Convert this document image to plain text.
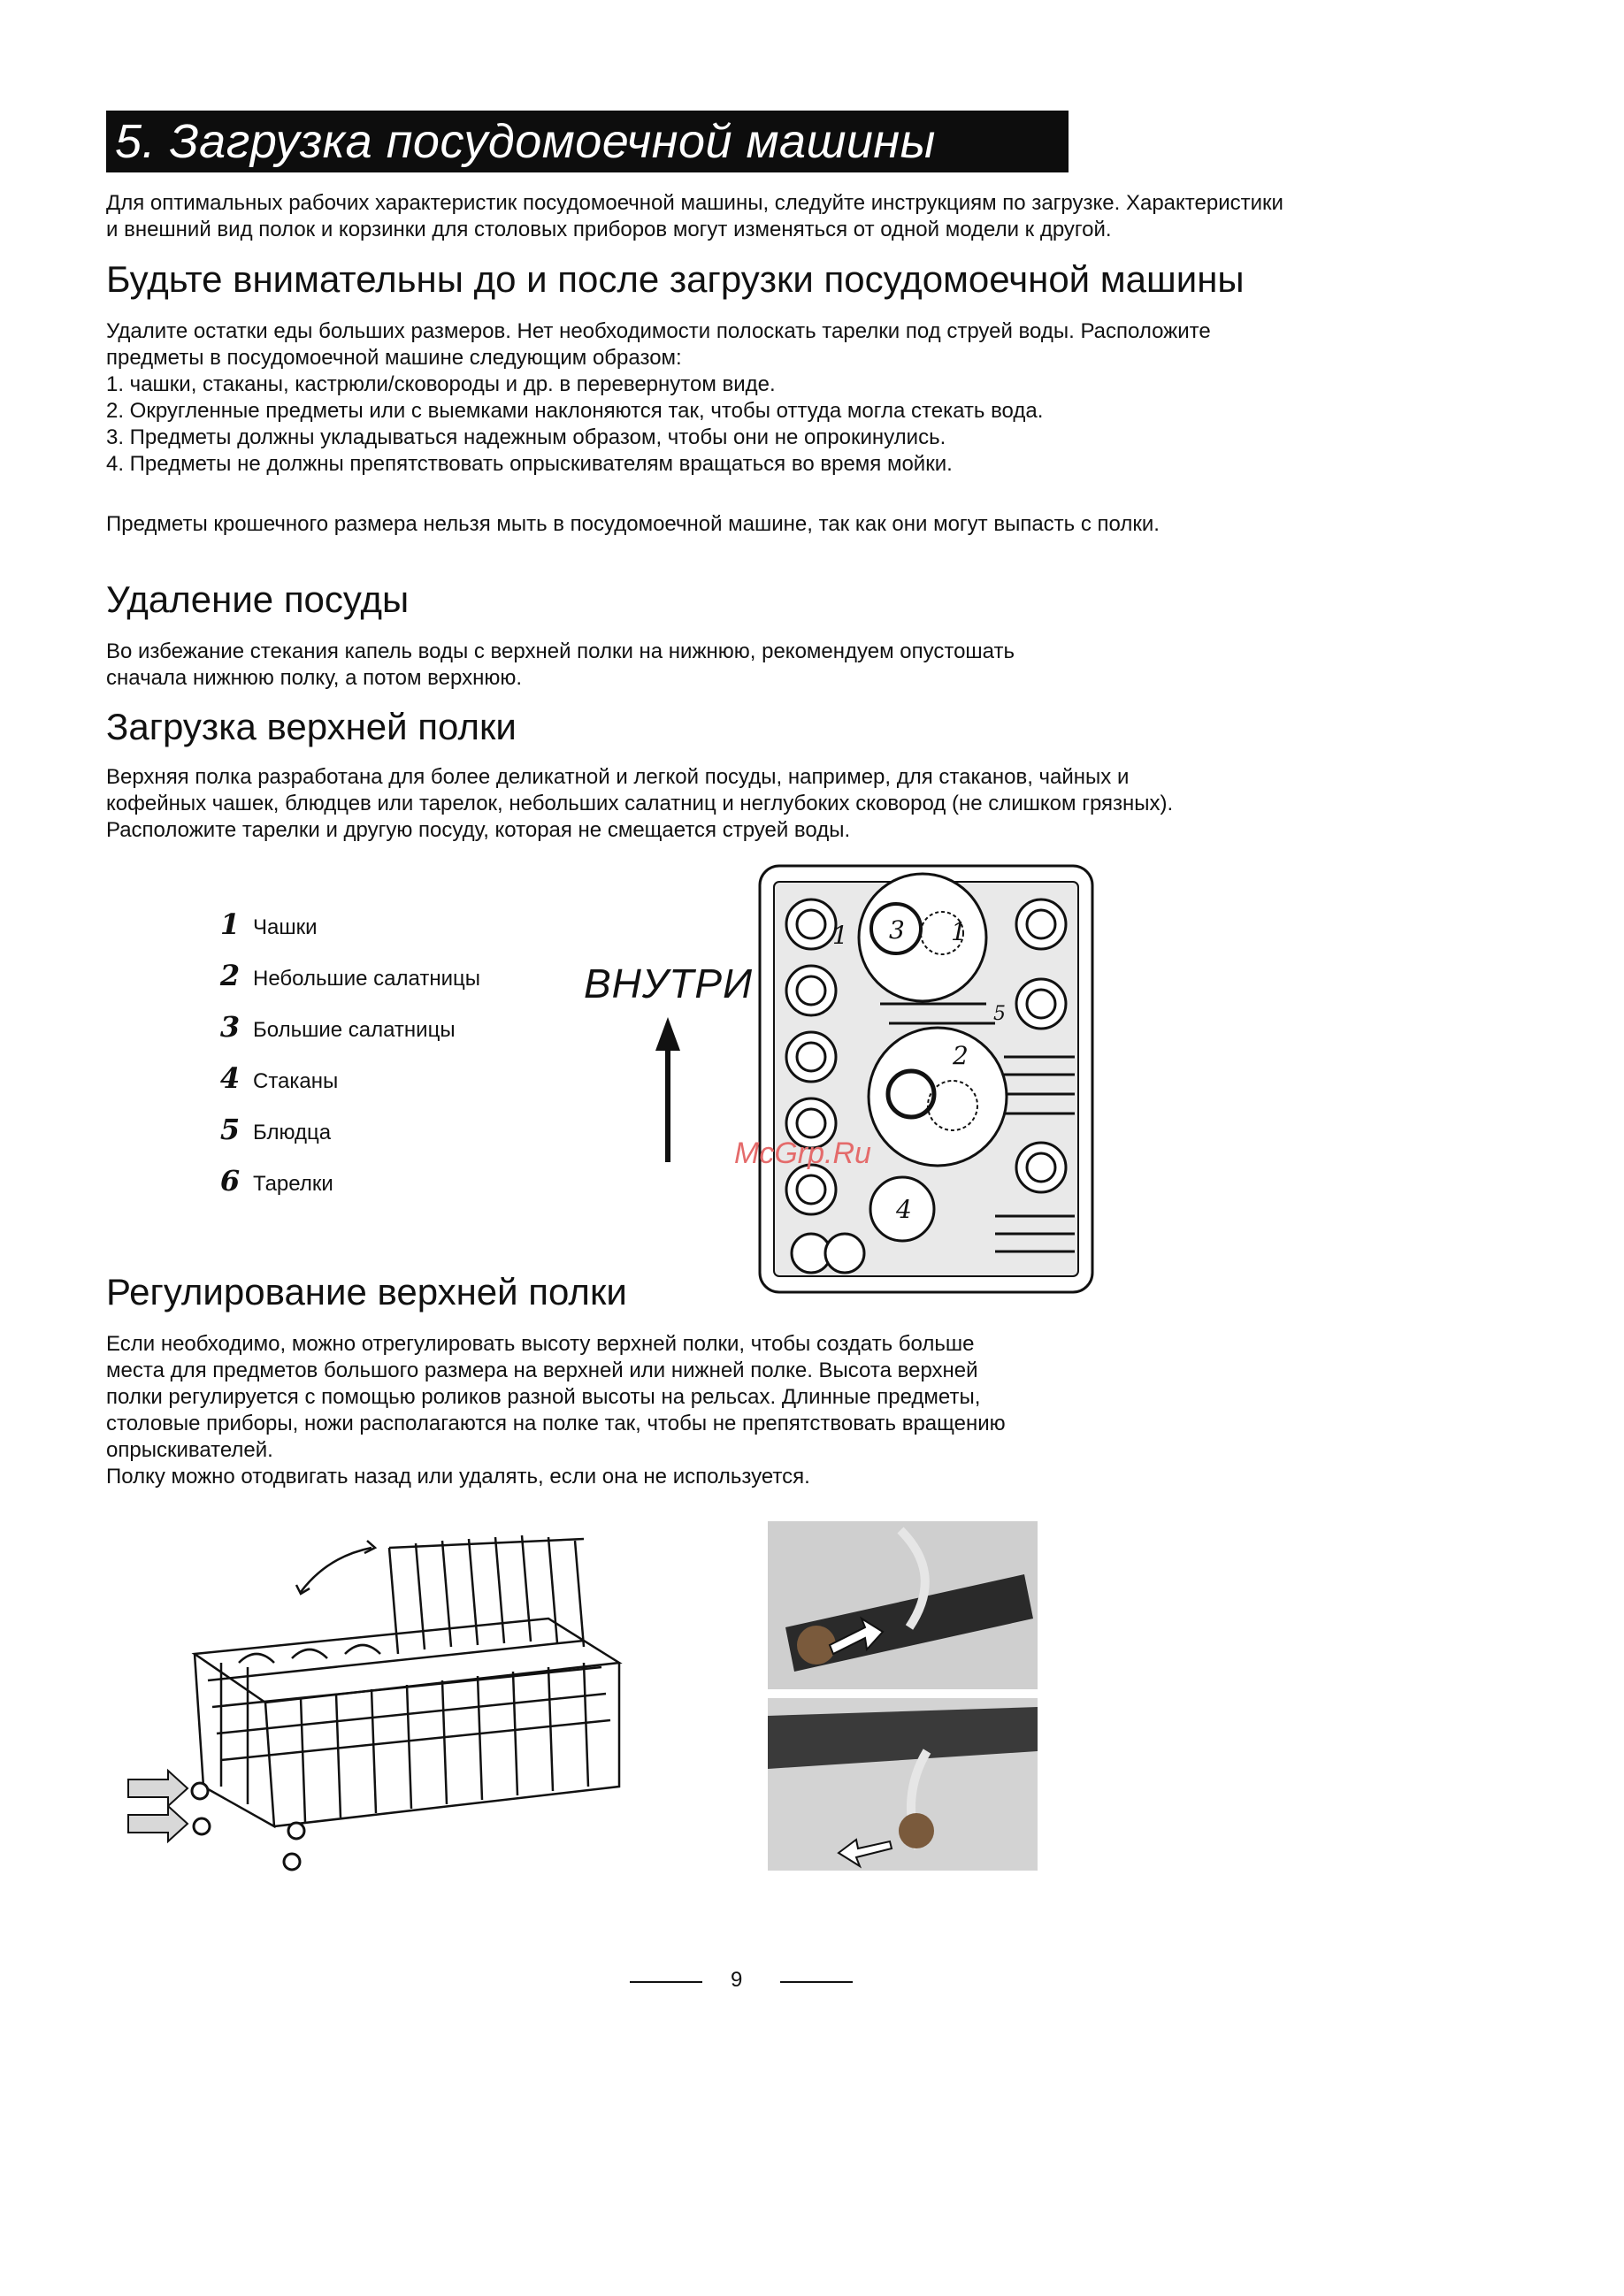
5. Загрузка посудомоечной машины

Для оптимальных рабочих характеристик посудомоечной машины, следуйте инструкциям по загрузке. Характеристики

и внешний вид полок и корзинки для столовых приборов могут изменяться от одной модели к другой.

Будьте внимательны до и после загрузки посудомоечной машины

Удалите остатки еды больших размеров. Нет необходимости полоскать тарелки под струей воды. Расположите

предметы в посудомоечной машине следующим образом:

1. чашки, стаканы, кастрюли/сковороды и др. в перевернутом виде.
2. Округленные предметы или с выемками наклоняются так, чтобы оттуда могла стекать вода.
3. Предметы должны укладываться надежным образом, чтобы они не опрокинулись.
4. Предметы не должны препятствовать опрыскивателям вращаться во время мойки.

Предметы крошечного размера нельзя мыть в посудомоечной машине, так как они могут выпасть с полки.

Удаление посуды

Во избежание стекания капель воды с верхней полки на нижнюю, рекомендуем опустошать

сначала нижнюю полку, а потом верхнюю.

Загрузка верхней полки

Верхняя полка разработана для более деликатной и легкой посуды, например, для стаканов, чайных и

кофейных чашек, блюдцев или тарелок, небольших салатниц и неглубоких сковород (не слишком грязных).

Расположите тарелки и другую посуду, которая не смещается струей воды.

1 Чашки
2 Небольшие салатницы
3 Большие салатницы
4 Стаканы
5 Блюдца
6 Тарелки
ВНУТРИ
1 3 1
2
4
5
McGrp.Ru
Регулирование верхней полки

Если необходимо, можно отрегулировать высоту верхней полки, чтобы создать больше

места для предметов большого размера на верхней или нижней полке. Высота верхней

полки регулируется с помощью роликов разной высоты на рельсах. Длинные предметы,

столовые приборы, ножи располагаются на полке так, чтобы не препятствовать вращению

опрыскивателей.

Полку можно отодвигать назад или удалять, если она не используется.

9
